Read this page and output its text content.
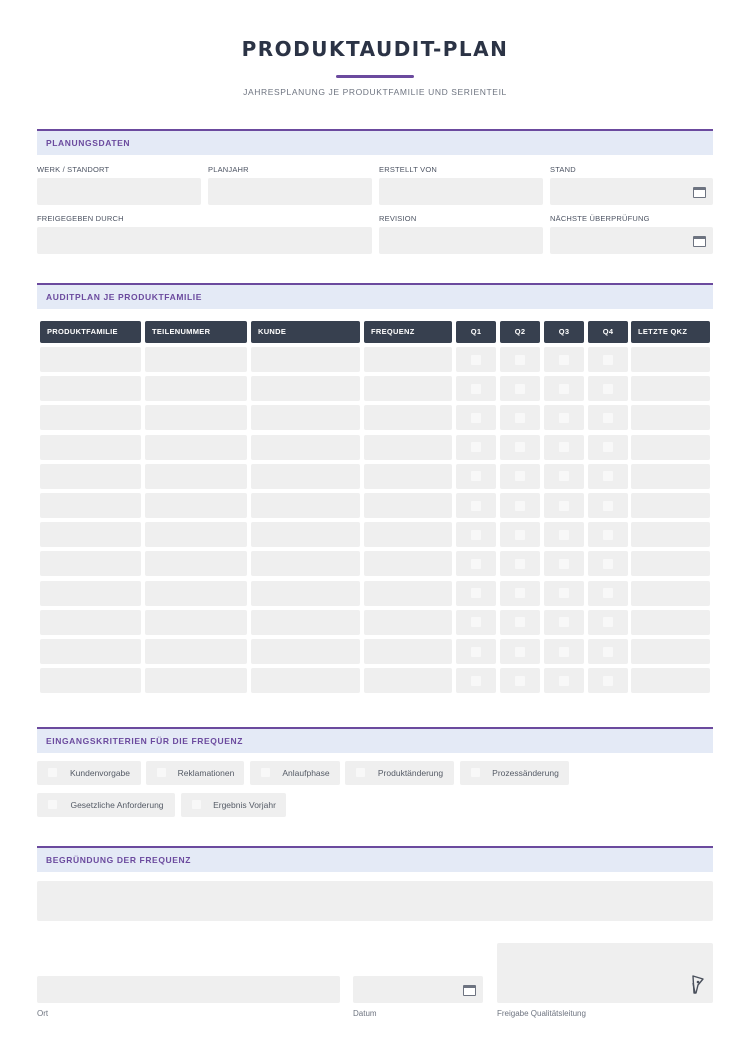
PRODUKTAUDIT-PLAN
JAHRESPLANUNG JE PRODUKTFAMILIE UND SERIENTEIL
PLANUNGSDATEN
WERK / STANDORT	PLANJAHR	ERSTELLT VON	STAND
FREIGEGEBEN DURCH	REVISION	NÄCHSTE ÜBERPRÜFUNG
AUDITPLAN JE PRODUKTFAMILIE
PRODUKTFAMILIE	TEILENUMMER	KUNDE	FREQUENZ	Q1	Q2	Q3	Q4	LETZTE QKZ
EINGANGSKRITERIEN FÜR DIE FREQUENZ
Kundenvorgabe	Reklamationen	Anlaufphase	Produktänderung	Prozessänderung
Gesetzliche Anforderung	Ergebnis Vorjahr
BEGRÜNDUNG DER FREQUENZ
Ort	Datum	Freigabe Qualitätsleitung
